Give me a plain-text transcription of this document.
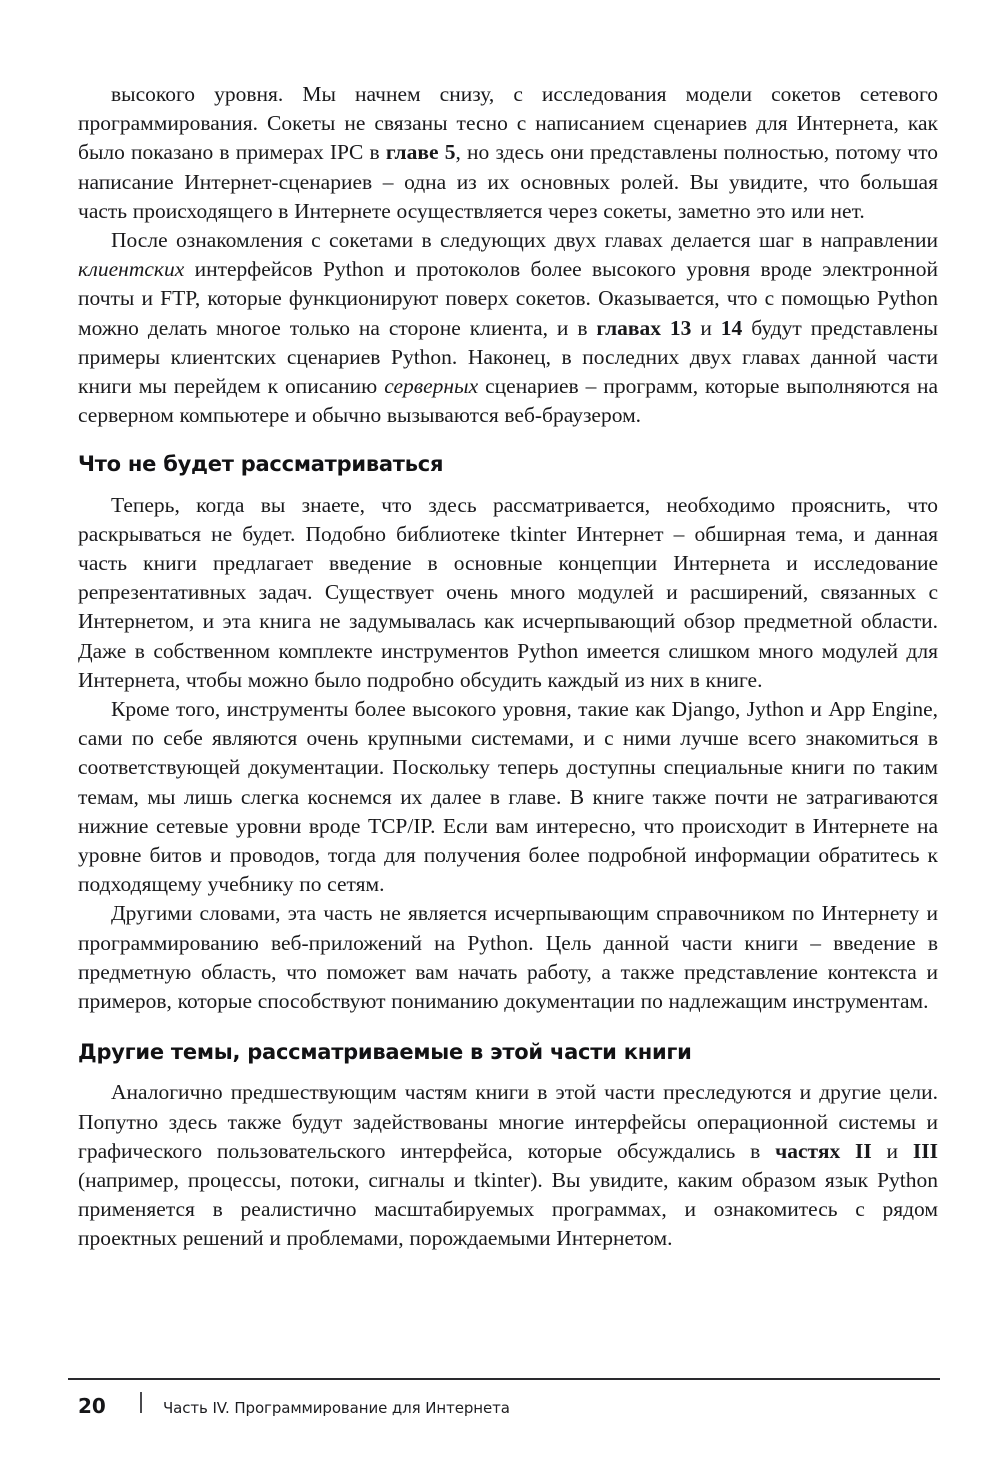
высокого уровня. Мы начнем снизу, с исследования модели сокетов сетевого программирования. Сокеты не связаны тесно с написанием сценариев для Интернета, как было показано в примерах IPC в главе 5, но здесь они представлены полностью, потому что написание Интернет-сценариев – одна из их основных ролей. Вы увидите, что большая часть происходящего в Интернете осуществляется через сокеты, заметно это или нет.

После ознакомления с сокетами в следующих двух главах делается шаг в направлении клиентских интерфейсов Python и протоколов более высокого уровня вроде электронной почты и FTP, которые функционируют поверх сокетов. Оказывается, что с помощью Python можно делать многое только на стороне клиента, и в главах 13 и 14 будут представлены примеры клиентских сценариев Python. Наконец, в последних двух главах данной части книги мы перейдем к описанию серверных сценариев – программ, которые выполняются на серверном компьютере и обычно вызываются веб-браузером.

Что не будет рассматриваться

Теперь, когда вы знаете, что здесь рассматривается, необходимо прояснить, что раскрываться не будет. Подобно библиотеке tkinter Интернет – обширная тема, и данная часть книги предлагает введение в основные концепции Интернета и исследование репрезентативных задач. Существует очень много модулей и расширений, связанных с Интернетом, и эта книга не задумывалась как исчерпывающий обзор предметной области. Даже в собственном комплекте инструментов Python имеется слишком много модулей для Интернета, чтобы можно было подробно обсудить каждый из них в книге.

Кроме того, инструменты более высокого уровня, такие как Django, Jython и App Engine, сами по себе являются очень крупными системами, и с ними лучше всего знакомиться в соответствующей документации. Поскольку теперь доступны специальные книги по таким темам, мы лишь слегка коснемся их далее в главе. В книге также почти не затрагиваются нижние сетевые уровни вроде TCP/IP. Если вам интересно, что происходит в Интернете на уровне битов и проводов, тогда для получения более подробной информации обратитесь к подходящему учебнику по сетям.

Другими словами, эта часть не является исчерпывающим справочником по Интернету и программированию веб-приложений на Python. Цель данной части книги – введение в предметную область, что поможет вам начать работу, а также представление контекста и примеров, которые способствуют пониманию документации по надлежащим инструментам.

Другие темы, рассматриваемые в этой части книги

Аналогично предшествующим частям книги в этой части преследуются и другие цели. Попутно здесь также будут задействованы многие интерфейсы операционной системы и графического пользовательского интерфейса, которые обсуждались в частях II и III (например, процессы, потоки, сигналы и tkinter). Вы увидите, каким образом язык Python применяется в реалистично масштабируемых программах, и ознакомитесь с рядом проектных решений и проблемами, порождаемыми Интернетом.

20	Часть IV. Программирование для Интернета
